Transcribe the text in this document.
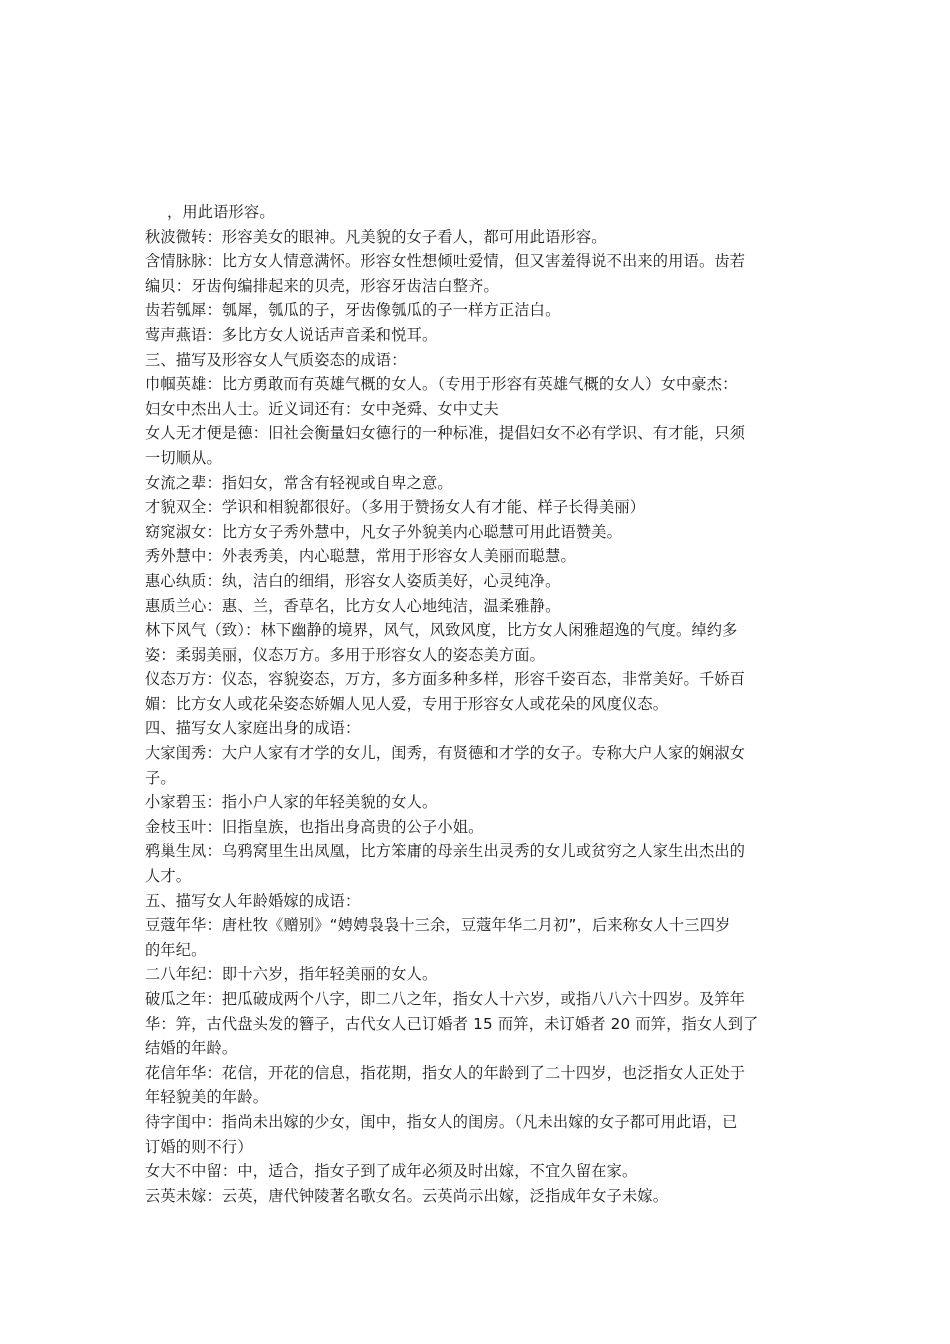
，用此语形容。
秋波微转：形容美女的眼神。凡美貌的女子看人，都可用此语形容。
含情脉脉：比方女人情意满怀。形容女性想倾吐爱情，但又害羞得说不出来的用语。齿若
编贝：牙齿佝编排起来的贝壳，形容牙齿洁白整齐。
齿若瓠犀：瓠犀，瓠瓜的子，牙齿像瓠瓜的子一样方正洁白。
莺声燕语：多比方女人说话声音柔和悦耳。
三、描写及形容女人气质姿态的成语：
巾帼英雄：比方勇敢而有英雄气概的女人。（专用于形容有英雄气概的女人）女中豪杰：
妇女中杰出人士。近义词还有：女中尧舜、女中丈夫
女人无才便是德：旧社会衡量妇女德行的一种标准，提倡妇女不必有学识、有才能，只须
一切顺从。
女流之辈：指妇女，常含有轻视或自卑之意。
才貌双全：学识和相貌都很好。（多用于赞扬女人有才能、样子长得美丽）
窈窕淑女：比方女子秀外慧中，凡女子外貌美内心聪慧可用此语赞美。
秀外慧中：外表秀美，内心聪慧，常用于形容女人美丽而聪慧。
惠心纨质：纨，洁白的细绢，形容女人姿质美好，心灵纯净。
惠质兰心：惠、兰，香草名，比方女人心地纯洁，温柔雅静。
林下风气（致）：林下幽静的境界，风气，风致风度，比方女人闲雅超逸的气度。绰约多
姿：柔弱美丽，仪态万方。多用于形容女人的姿态美方面。
仪态万方：仪态，容貌姿态，万方，多方面多种多样，形容千姿百态，非常美好。千娇百
媚：比方女人或花朵姿态娇媚人见人爱，专用于形容女人或花朵的风度仪态。
四、描写女人家庭出身的成语：
大家闺秀：大户人家有才学的女儿，闺秀，有贤德和才学的女子。专称大户人家的娴淑女
子。
小家碧玉：指小户人家的年轻美貌的女人。
金枝玉叶：旧指皇族，也指出身高贵的公子小姐。
鸦巢生凤：乌鸦窝里生出凤凰，比方笨庸的母亲生出灵秀的女儿或贫穷之人家生出杰出的
人才。
五、描写女人年龄婚嫁的成语：
豆蔻年华：唐杜牧《赠别》“娉娉袅袅十三余，豆蔻年华二月初”，后来称女人十三四岁
的年纪。
二八年纪：即十六岁，指年轻美丽的女人。
破瓜之年：把瓜破成两个八字，即二八之年，指女人十六岁，或指八八六十四岁。及笄年
华：笄，古代盘头发的簪子，古代女人已订婚者 15 而笄，未订婚者 20 而笄，指女人到了
结婚的年龄。
花信年华：花信，开花的信息，指花期，指女人的年龄到了二十四岁，也泛指女人正处于
年轻貌美的年龄。
待字闺中：指尚未出嫁的少女，闺中，指女人的闺房。（凡未出嫁的女子都可用此语，已
订婚的则不行）
女大不中留：中，适合，指女子到了成年必须及时出嫁，不宜久留在家。
云英未嫁：云英，唐代钟陵著名歌女名。云英尚示出嫁，泛指成年女子未嫁。
